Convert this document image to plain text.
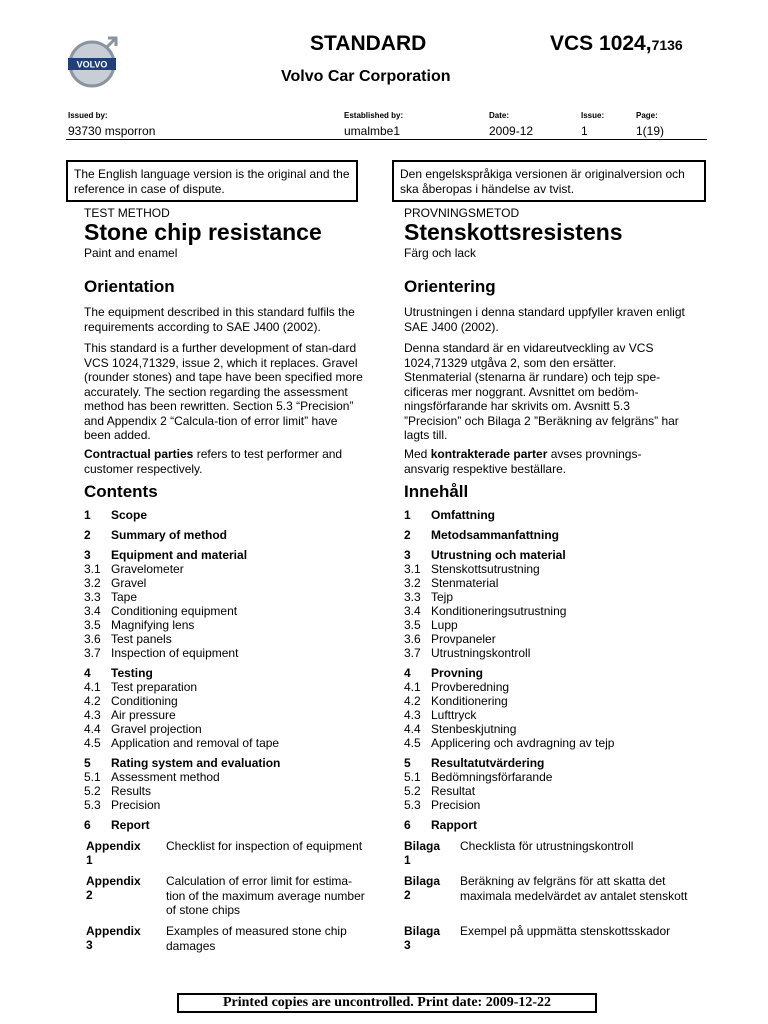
VOLVO
STANDARD	VCS 1024,7136
Volvo Car Corporation
Issued by:
93730 msporron
Established by:
umalmbe1
Date:
2009-12
Issue:
1
Page:
1(19)
The English language version is the original and the reference in case of dispute.
Den engelskspråkiga versionen är originalversion och ska åberopas i händelse av tvist.
TEST METHOD
Stone chip resistance
Paint and enamel
Orientation
The equipment described in this standard fulfils the requirements according to SAE J400 (2002).
This standard is a further development of stan-dard VCS 1024,71329, issue 2, which it replaces. Gravel (rounder stones) and tape have been specified more accurately. The section regarding the assessment method has been rewritten. Section 5.3 “Precision” and Appendix 2 “Calcula-tion of error limit” have been added.
Contractual parties refers to test performer and customer respectively.
Contents
1 Scope
2 Summary of method
3 Equipment and material
3.1 Gravelometer
3.2 Gravel
3.3 Tape
3.4 Conditioning equipment
3.5 Magnifying lens
3.6 Test panels
3.7 Inspection of equipment
4 Testing
4.1 Test preparation
4.2 Conditioning
4.3 Air pressure
4.4 Gravel projection
4.5 Application and removal of tape
5 Rating system and evaluation
5.1 Assessment method
5.2 Results
5.3 Precision
6 Report
Appendix 1
Checklist for inspection of equipment
Appendix 2
Calculation of error limit for estima-tion of the maximum average number of stone chips
Appendix 3
Examples of measured stone chip damages
PROVNINGSMETOD
Stenskottsresistens
Färg och lack
Orientering
Utrustningen i denna standard uppfyller kraven enligt SAE J400 (2002).
Denna standard är en vidareutveckling av VCS 1024,71329 utgåva 2, som den ersätter. Stenmaterial (stenarna är rundare) och tejp spe-cificeras mer noggrant. Avsnittet om bedöm-ningsförfarande har skrivits om. Avsnitt 5.3 ”Precision” och Bilaga 2 ”Beräkning av felgräns” har lagts till.
Med kontrakterade parter avses provnings-ansvarig respektive beställare.
Innehåll
1 Omfattning
2 Metodsammanfattning
3 Utrustning och material
3.1 Stenskottsutrustning
3.2 Stenmaterial
3.3 Tejp
3.4 Konditioneringsutrustning
3.5 Lupp
3.6 Provpaneler
3.7 Utrustningskontroll
4 Provning
4.1 Provberedning
4.2 Konditionering
4.3 Lufttryck
4.4 Stenbeskjutning
4.5 Applicering och avdragning av tejp
5 Resultatutvärdering
5.1 Bedömningsförfarande
5.2 Resultat
5.3 Precision
6 Rapport
Bilaga 1
Checklista för utrustningskontroll
Bilaga 2
Beräkning av felgräns för att skatta det maximala medelvärdet av antalet stenskott
Bilaga 3
Exempel på uppmätta stenskottsskador
Printed copies are uncontrolled. Print date: 2009-12-22
